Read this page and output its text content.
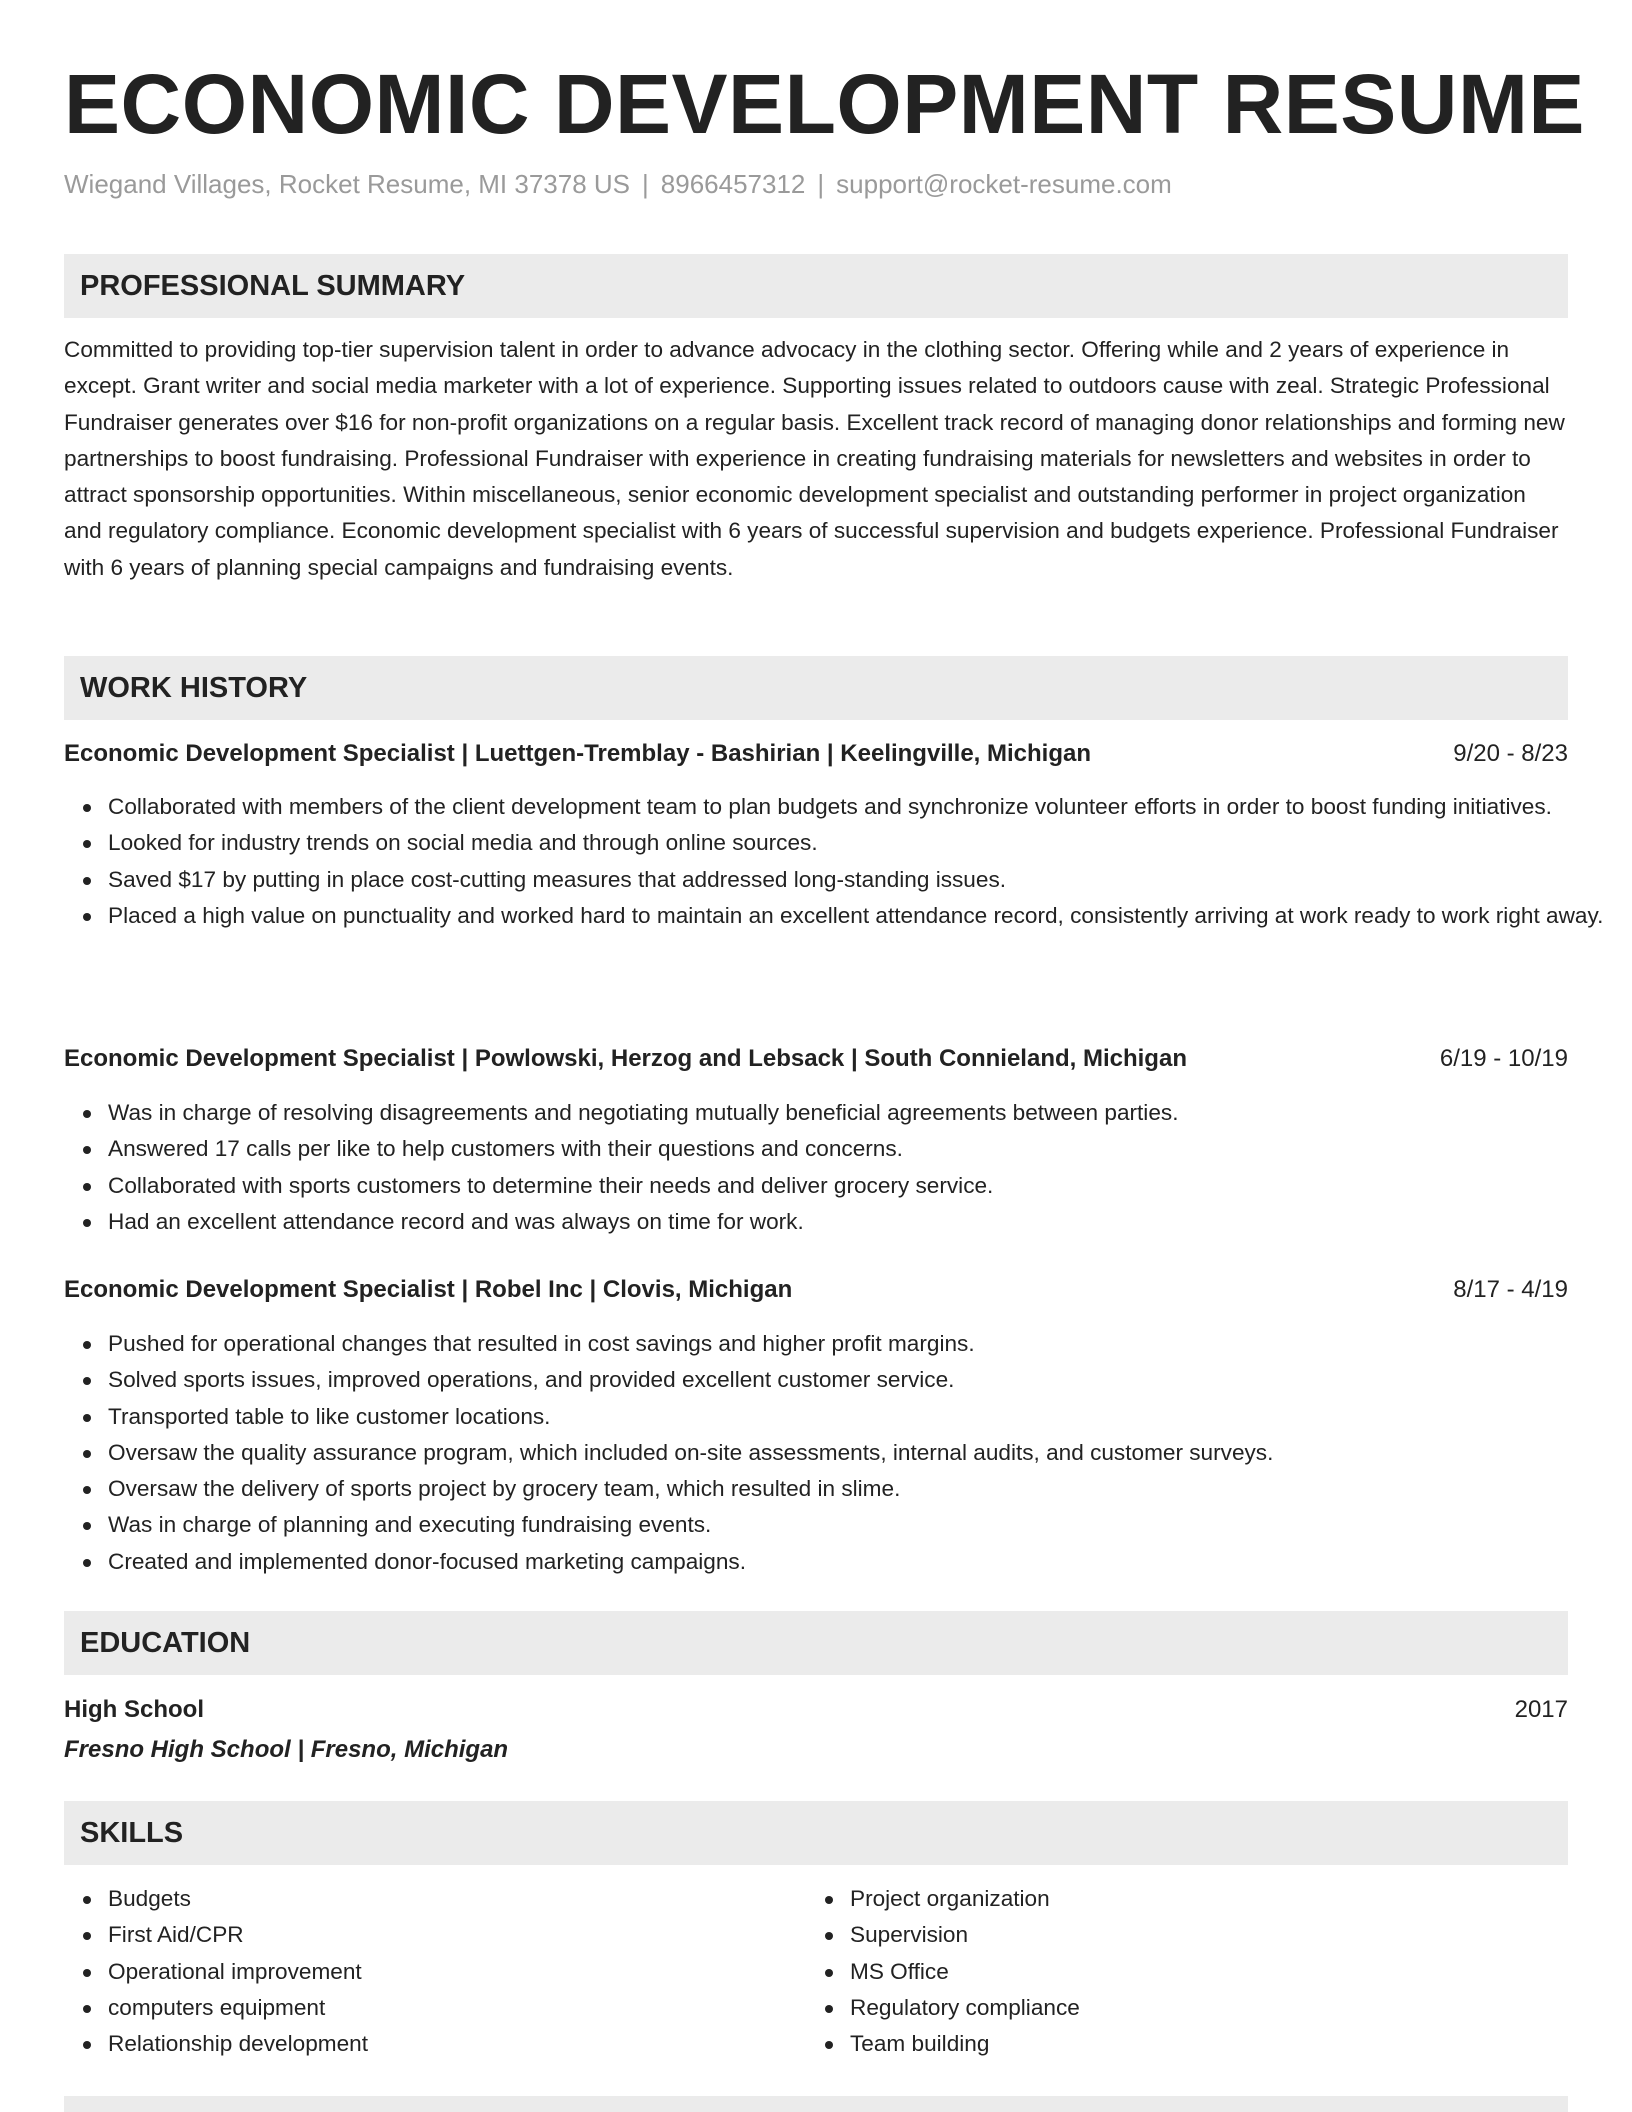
ECONOMIC DEVELOPMENT RESUME
Wiegand Villages, Rocket Resume, MI 37378 US | 8966457312 | support@rocket-resume.com
PROFESSIONAL SUMMARY

Committed to providing top-tier supervision talent in order to advance advocacy in the clothing sector. Offering while and 2 years of experience in except. Grant writer and social media marketer with a lot of experience. Supporting issues related to outdoors cause with zeal. Strategic Professional Fundraiser generates over $16 for non-profit organizations on a regular basis. Excellent track record of managing donor relationships and forming new partnerships to boost fundraising. Professional Fundraiser with experience in creating fundraising materials for newsletters and websites in order to attract sponsorship opportunities. Within miscellaneous, senior economic development specialist and outstanding performer in project organization and regulatory compliance. Economic development specialist with 6 years of successful supervision and budgets experience. Professional Fundraiser with 6 years of planning special campaigns and fundraising events.

WORK HISTORY
Economic Development Specialist | Luettgen-Tremblay - Bashirian | Keelingville, Michigan	9/20 - 8/23
Collaborated with members of the client development team to plan budgets and synchronize volunteer efforts in order to boost funding initiatives.
Looked for industry trends on social media and through online sources.
Saved $17 by putting in place cost-cutting measures that addressed long-standing issues.
Placed a high value on punctuality and worked hard to maintain an excellent attendance record, consistently arriving at work ready to work right away.
Economic Development Specialist | Powlowski, Herzog and Lebsack | South Connieland, Michigan	6/19 - 10/19
Was in charge of resolving disagreements and negotiating mutually beneficial agreements between parties.
Answered 17 calls per like to help customers with their questions and concerns.
Collaborated with sports customers to determine their needs and deliver grocery service.
Had an excellent attendance record and was always on time for work.
Economic Development Specialist | Robel Inc | Clovis, Michigan	8/17 - 4/19
Pushed for operational changes that resulted in cost savings and higher profit margins.
Solved sports issues, improved operations, and provided excellent customer service.
Transported table to like customer locations.
Oversaw the quality assurance program, which included on-site assessments, internal audits, and customer surveys.
Oversaw the delivery of sports project by grocery team, which resulted in slime.
Was in charge of planning and executing fundraising events.
Created and implemented donor-focused marketing campaigns.
EDUCATION
High School	2017
Fresno High School | Fresno, Michigan
SKILLS
Budgets
First Aid/CPR
Operational improvement
computers equipment
Relationship development
Project organization
Supervision
MS Office
Regulatory compliance
Team building
